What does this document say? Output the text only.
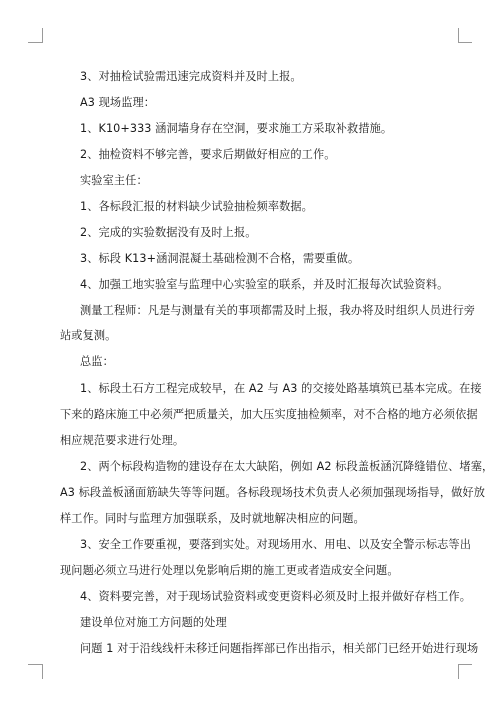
3、对抽检试验需迅速完成资料并及时上报。
A3 现场监理：
1、K10+333 涵洞墙身存在空洞，要求施工方采取补救措施。
2、抽检资料不够完善，要求后期做好相应的工作。
实验室主任：
1、各标段汇报的材料缺少试验抽检频率数据。
2、完成的实验数据没有及时上报。
3、标段 K13+涵洞混凝土基础检测不合格，需要重做。
4、加强工地实验室与监理中心实验室的联系，并及时汇报每次试验资料。
测量工程师：凡是与测量有关的事项都需及时上报，我办将及时组织人员进行旁
站或复测。
总监：
1、标段土石方工程完成较早，在 A2 与 A3 的交接处路基填筑已基本完成。在接
下来的路床施工中必须严把质量关，加大压实度抽检频率，对不合格的地方必须依据
相应规范要求进行处理。
2、两个标段构造物的建设存在太大缺陷，例如 A2 标段盖板涵沉降缝错位、堵塞，
A3 标段盖板涵面筋缺失等等问题。各标段现场技术负责人必须加强现场指导，做好放
样工作。同时与监理方加强联系，及时就地解决相应的问题。
3、安全工作要重视，要落到实处。对现场用水、用电、以及安全警示标志等出
现问题必须立马进行处理以免影响后期的施工更或者造成安全问题。
4、资料要完善，对于现场试验资料或变更资料必须及时上报并做好存档工作。
建设单位对施工方问题的处理
问题 1 对于沿线线杆未移迁问题指挥部已作出指示，相关部门已经开始进行现场
